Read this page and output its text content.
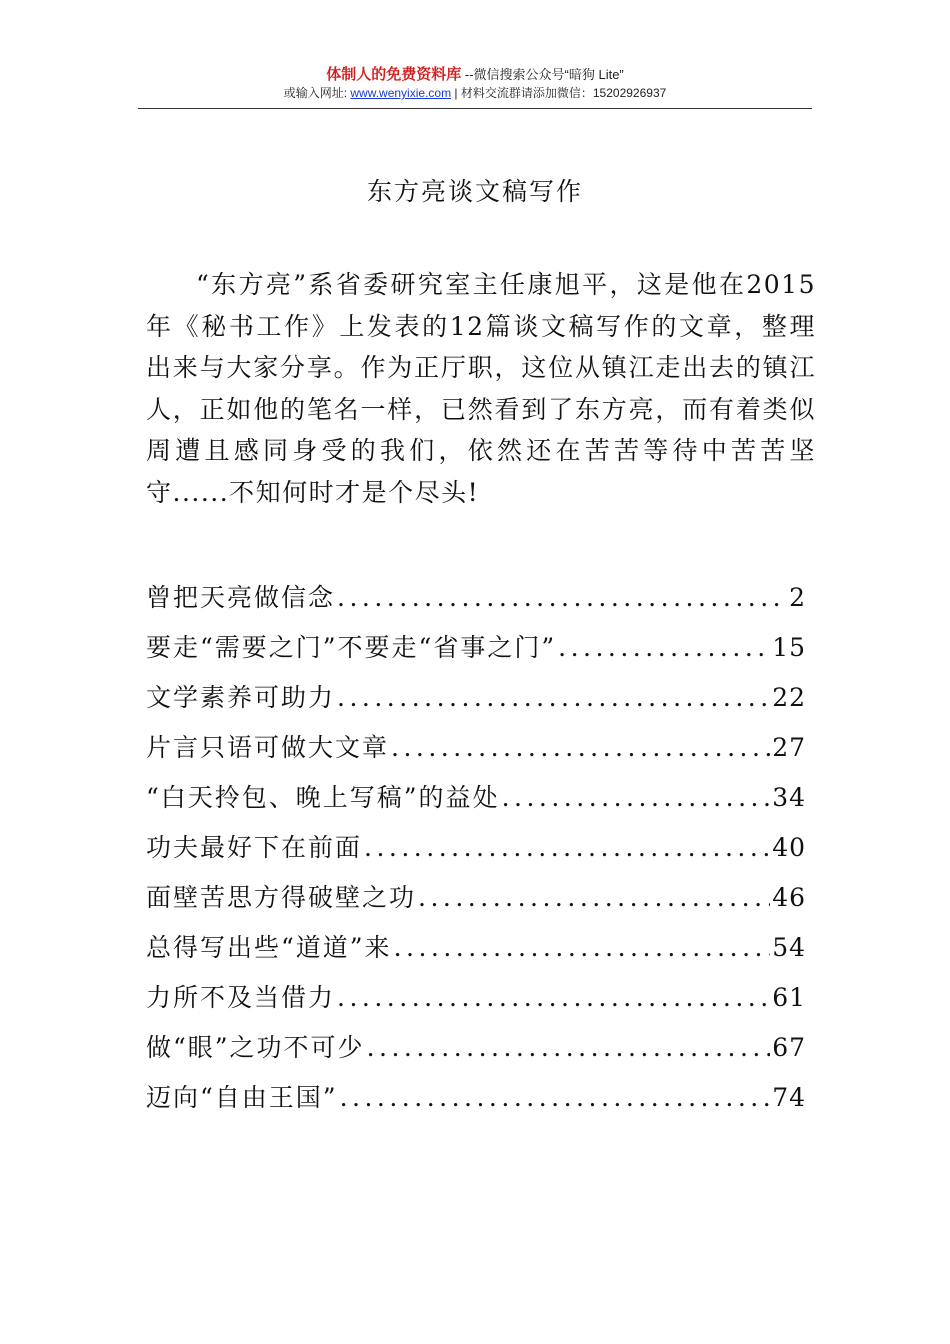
体制人的免费资料库 --微信搜索公众号“暗狗 Lite”
或输入网址: www.wenyixie.com | 材料交流群请添加微信：15202926937
东方亮谈文稿写作

“东方亮”系省委研究室主任康旭平，这是他在2015年《秘书工作》上发表的12篇谈文稿写作的文章，整理出来与大家分享。作为正厅职，这位从镇江走出去的镇江人，正如他的笔名一样，已然看到了东方亮，而有着类似周遭且感同身受的我们，依然还在苦苦等待中苦苦坚守......不知何时才是个尽头!

曾把天亮做信念 .....	2
要走“需要之门”不要走“省事之门” .....	15
文学素养可助力 .....	22
片言只语可做大文章 .....	27
“白天拎包、晚上写稿”的益处 .....	34
功夫最好下在前面 .....	40
面壁苦思方得破壁之功 .....	46
总得写出些“道道”来 .....	54
力所不及当借力 .....	61
做“眼”之功不可少 .....	67
迈向“自由王国” .....	74
